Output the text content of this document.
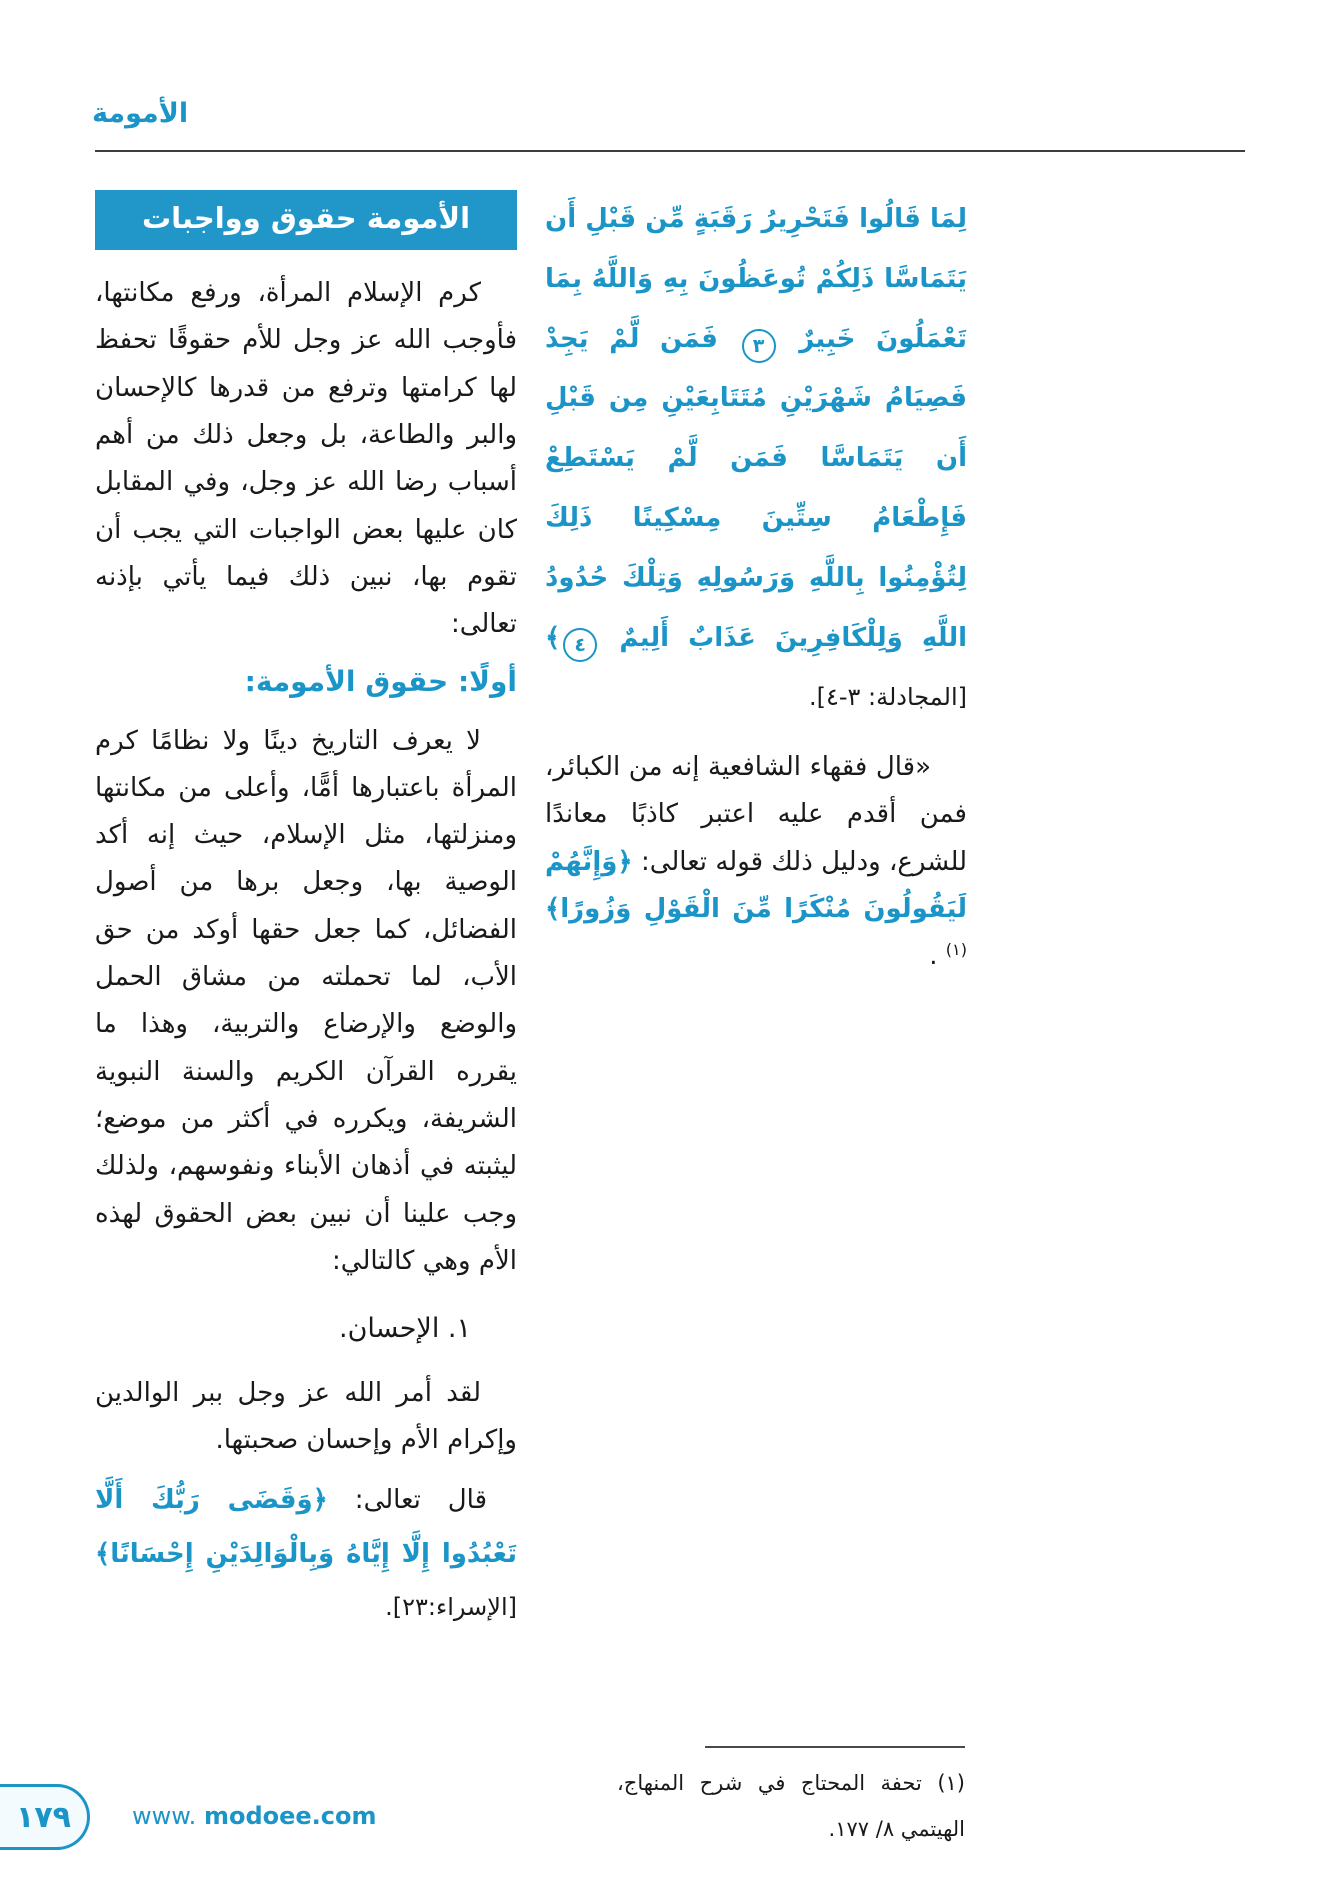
الأمومة
لِمَا قَالُوا فَتَحْرِيرُ رَقَبَةٍ مِّن قَبْلِ أَن يَتَمَاسَّا ذَلِكُمْ تُوعَظُونَ بِهِ وَاللَّهُ بِمَا تَعْمَلُونَ خَبِيرٌ ٣ فَمَن لَّمْ يَجِدْ فَصِيَامُ شَهْرَيْنِ مُتَتَابِعَيْنِ مِن قَبْلِ أَن يَتَمَاسَّا فَمَن لَّمْ يَسْتَطِعْ فَإِطْعَامُ سِتِّينَ مِسْكِينًا ذَلِكَ لِتُؤْمِنُوا بِاللَّهِ وَرَسُولِهِ وَتِلْكَ حُدُودُ اللَّهِ وَلِلْكَافِرِينَ عَذَابٌ أَلِيمٌ ٤﴾ [المجادلة: ٣-٤].

«قال فقهاء الشافعية إنه من الكبائر، فمن أقدم عليه اعتبر كاذبًا معاندًا للشرع، ودليل ذلك قوله تعالى: ﴿وَإِنَّهُمْ لَيَقُولُونَ مُنْكَرًا مِّنَ الْقَوْلِ وَزُورًا﴾$^{(١)}$ .

الأمومة حقوق وواجبات

كرم الإسلام المرأة، ورفع مكانتها، فأوجب الله عز وجل للأم حقوقًا تحفظ لها كرامتها وترفع من قدرها كالإحسان والبر والطاعة، بل وجعل ذلك من أهم أسباب رضا الله عز وجل، وفي المقابل كان عليها بعض الواجبات التي يجب أن تقوم بها، نبين ذلك فيما يأتي بإذنه تعالى:

أولًا: حقوق الأمومة:

لا يعرف التاريخ دينًا ولا نظامًا كرم المرأة باعتبارها أمًّا، وأعلى من مكانتها ومنزلتها، مثل الإسلام، حيث إنه أكد الوصية بها، وجعل برها من أصول الفضائل، كما جعل حقها أوكد من حق الأب، لما تحملته من مشاق الحمل والوضع والإرضاع والتربية، وهذا ما يقرره القرآن الكريم والسنة النبوية الشريفة، ويكرره في أكثر من موضع؛ ليثبته في أذهان الأبناء ونفوسهم، ولذلك وجب علينا أن نبين بعض الحقوق لهذه الأم وهي كالتالي:

١. الإحسان.

لقد أمر الله عز وجل ببر الوالدين وإكرام الأم وإحسان صحبتها.

قال تعالى: ﴿وَقَضَى رَبُّكَ أَلَّا تَعْبُدُوا إِلَّا إِيَّاهُ وَبِالْوَالِدَيْنِ إِحْسَانًا﴾ [الإسراء:٢٣].

(١) تحفة المحتاج في شرح المنهاج، الهيتمي ٨/ ١٧٧.

١٧٩	www. modoee.com
